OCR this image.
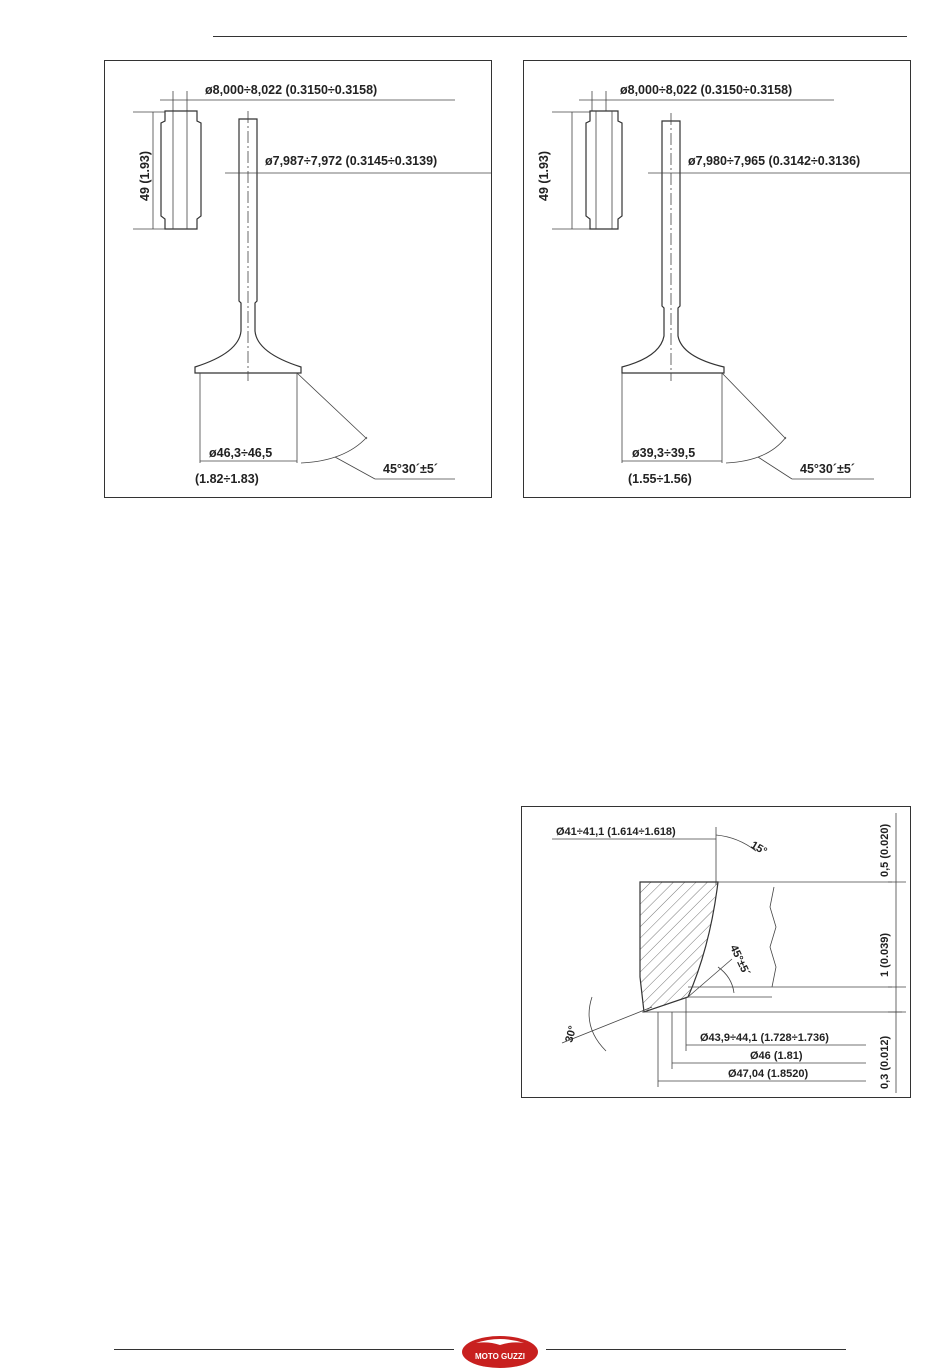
ø8,000÷8,022 (0.3150÷0.3158)
49 (1.93)	ø7,987÷7,972 (0.3145÷0.3139)
ø46,3÷46,5
(1.82÷1.83)
45°30´±5´
ø8,000÷8,022 (0.3150÷0.3158)
49 (1.93)	ø7,980÷7,965 (0.3142÷0.3136)
ø39,3÷39,5
(1.55÷1.56)
45°30´±5´
Ø41÷41,1 (1.614÷1.618)
15°
45°±5´
30°	Ø43,9÷44,1 (1.728÷1.736)
Ø46 (1.81)
Ø47,04 (1.8520)
0,5 (0.020)
1 (0.039)
0,3 (0.012)
MOTO GUZZI
